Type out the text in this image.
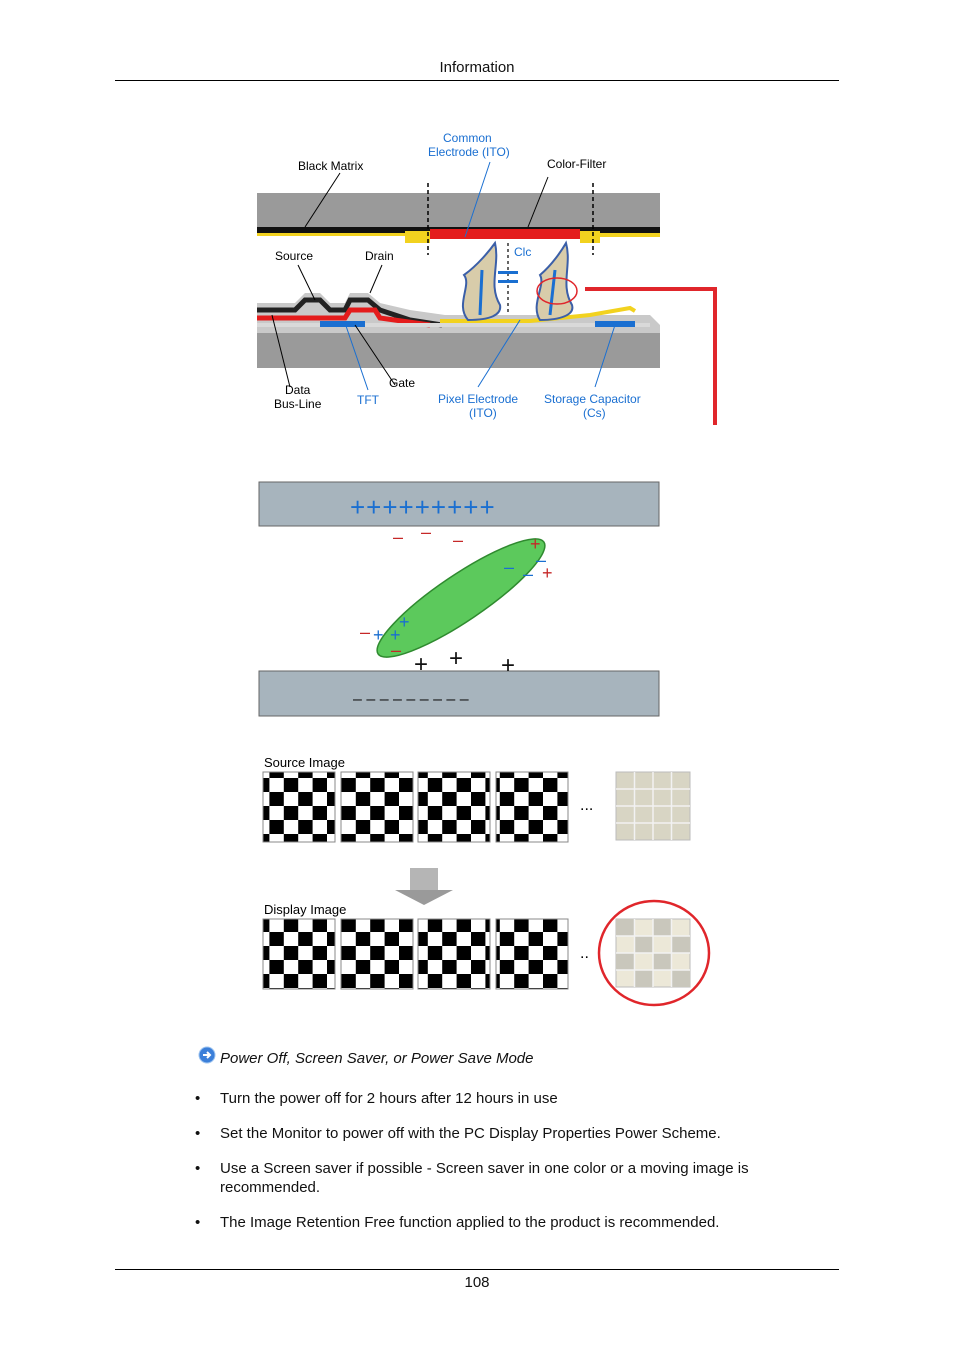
Information
Black Matrix
Common
Electrode (ITO)
Color-Filter
Source	Drain	Clc
Data
Bus-Line	TFT
Gate
Pixel Electrode
(ITO)
Storage Capacitor
(Cs)
+++++++++
– – – – – – – – –
– – –
–
–
+
+
– –
–
+ +
+
+ + +
Source Image
...
Display Image
..
Power Off, Screen Saver, or Power Save Mode
• Turn the power off for 2 hours after 12 hours in use
• Set the Monitor to power off with the PC Display Properties Power Scheme.
• Use a Screen saver if possible - Screen saver in one color or a moving image is recommended.
• The Image Retention Free function applied to the product is recommended.
108
